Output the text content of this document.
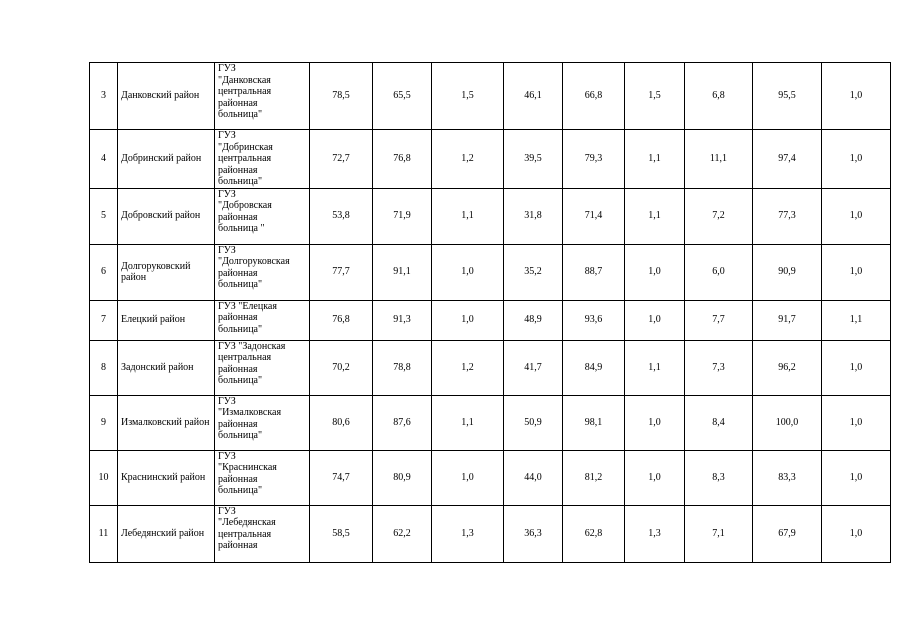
3	Данковский район	ГУЗ
"Данковская
центральная
районная
больница"	78,5	65,5	1,5	46,1	66,8	1,5	6,8	95,5	1,0
4	Добринский район	ГУЗ
"Добринская
центральная
районная
больница"	72,7	76,8	1,2	39,5	79,3	1,1	11,1	97,4	1,0
5	Добровский район	ГУЗ
"Добровская
районная
больница "	53,8	71,9	1,1	31,8	71,4	1,1	7,2	77,3	1,0
6	Долгоруковский район	ГУЗ
"Долгоруковская
районная
больница"	77,7	91,1	1,0	35,2	88,7	1,0	6,0	90,9	1,0
7	Елецкий район	ГУЗ "Елецкая
районная
больница"	76,8	91,3	1,0	48,9	93,6	1,0	7,7	91,7	1,1
8	Задонский район	ГУЗ "Задонская
центральная
районная
больница"	70,2	78,8	1,2	41,7	84,9	1,1	7,3	96,2	1,0
9	Измалковский район	ГУЗ
"Измалковская
районная
больница"	80,6	87,6	1,1	50,9	98,1	1,0	8,4	100,0	1,0
10	Краснинский район	ГУЗ
"Краснинская
районная
больница"	74,7	80,9	1,0	44,0	81,2	1,0	8,3	83,3	1,0
11	Лебедянский район	ГУЗ
"Лебедянская
центральная
районная	58,5	62,2	1,3	36,3	62,8	1,3	7,1	67,9	1,0
